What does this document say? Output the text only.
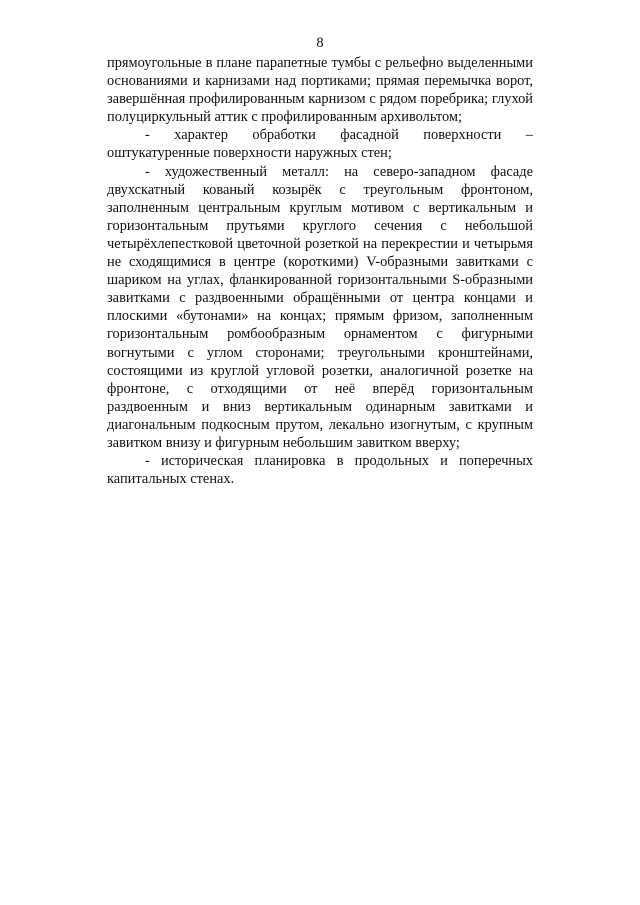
8

прямоугольные в плане парапетные тумбы с рельефно выделенными основаниями и карнизами над портиками; прямая перемычка ворот, завершённая профилированным карнизом с рядом поребрика; глухой полуциркульный аттик с профилированным архивольтом;

- характер обработки фасадной поверхности – оштукатуренные поверхности наружных стен;

- художественный металл: на северо-западном фасаде двухскатный кованый козырёк с треугольным фронтоном, заполненным центральным круглым мотивом с вертикальным и горизонтальным прутьями круглого сечения с небольшой четырёхлепестковой цветочной розеткой на перекрестии и четырьмя не сходящимися в центре (короткими) V-образными завитками с шариком на углах, фланкированной горизонтальными S-образными завитками с раздвоенными обращёнными от центра концами и плоскими «бутонами» на концах; прямым фризом, заполненным горизонтальным ромбообразным орнаментом с фигурными вогнутыми с углом сторонами; треугольными кронштейнами, состоящими из круглой угловой розетки, аналогичной розетке на фронтоне, с отходящими от неё вперёд горизонтальным раздвоенным и вниз вертикальным одинарным завитками и диагональным подкосным прутом, лекально изогнутым, с крупным завитком внизу и фигурным небольшим завитком вверху;

- историческая планировка в продольных и поперечных капитальных стенах.
